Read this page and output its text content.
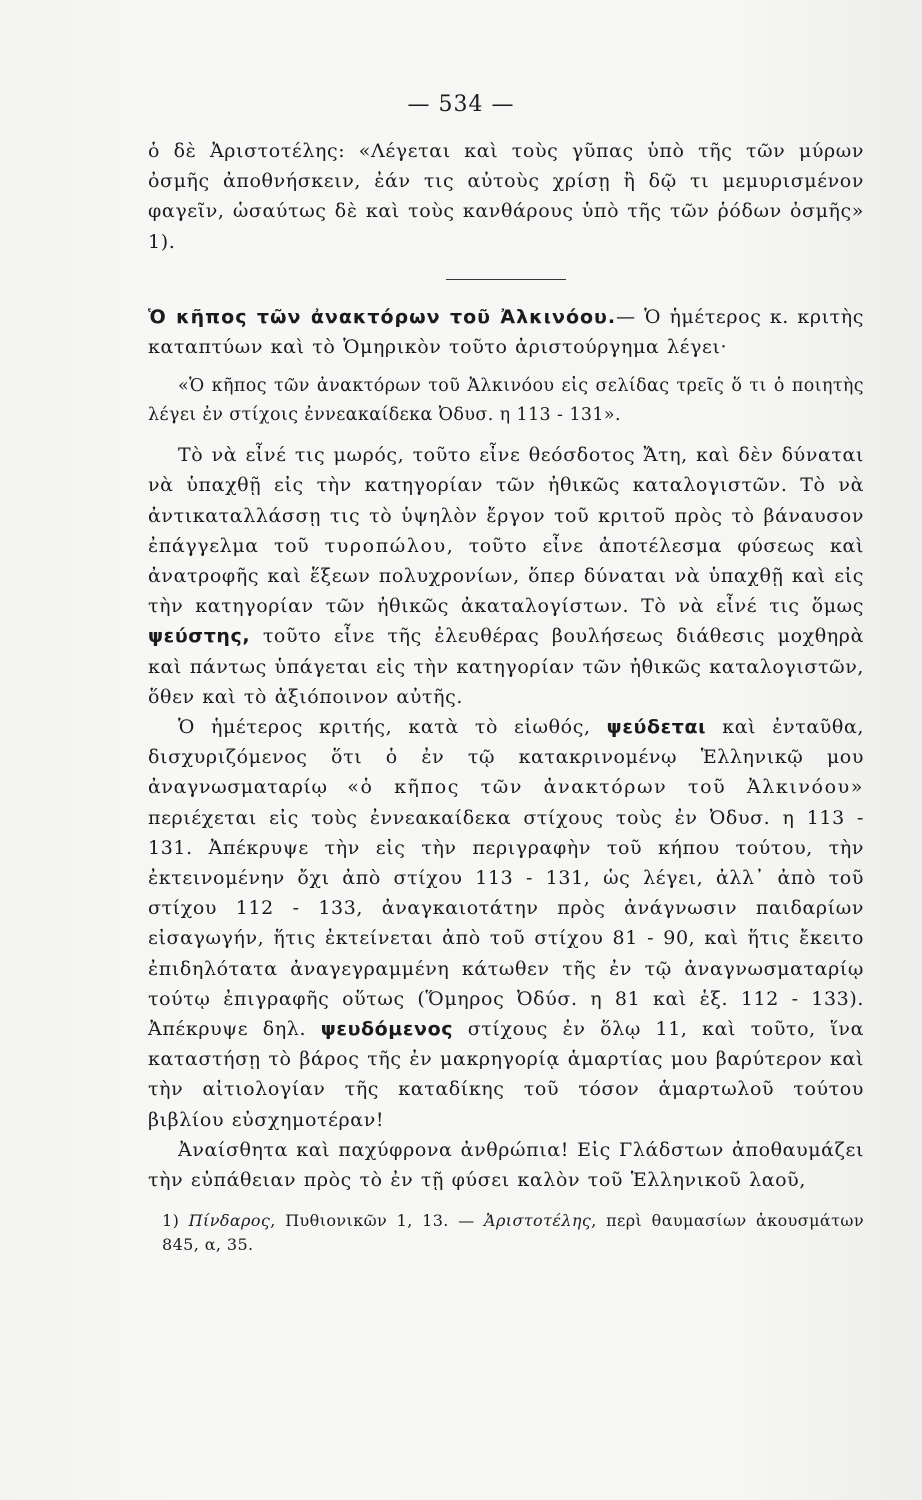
— 534 —

ὁ δὲ Ἀριστοτέλης: «Λέγεται καὶ τοὺς γῦπας ὑπὸ τῆς τῶν μύρων ὀσμῆς ἀποθνήσκειν, ἐάν τις αὐτοὺς χρίσῃ ἢ δῷ τι μεμυρισμένον φαγεῖν, ὡσαύτως δὲ καὶ τοὺς κανθάρους ὑπὸ τῆς τῶν ῥόδων ὀσμῆς» 1).

Ὁ κῆπος τῶν ἀνακτόρων τοῦ Ἀλκινόου.— Ὁ ἡμέτερος κ. κριτὴς καταπτύων καὶ τὸ Ὁμηρικὸν τοῦτο ἀριστούργημα λέγει·

«Ὁ κῆπος τῶν ἀνακτόρων τοῦ Ἀλκινόου εἰς σελίδας τρεῖς ὅ τι ὁ ποιητὴς λέγει ἐν στίχοις ἐννεακαίδεκα Ὀδυσ. η 113 - 131».

Τὸ νὰ εἶνέ τις μωρός, τοῦτο εἶνε θεόσδοτος Ἄτη, καὶ δὲν δύναται νὰ ὑπαχθῇ εἰς τὴν κατηγορίαν τῶν ἠθικῶς καταλογιστῶν. Τὸ νὰ ἀντικαταλλάσσῃ τις τὸ ὑψηλὸν ἔργον τοῦ κριτοῦ πρὸς τὸ βάναυσον ἐπάγγελμα τοῦ τυροπώλου, τοῦτο εἶνε ἀποτέλεσμα φύσεως καὶ ἀνατροφῆς καὶ ἕξεων πολυχρονίων, ὅπερ δύναται νὰ ὑπαχθῇ καὶ εἰς τὴν κατηγορίαν τῶν ἠθικῶς ἀκαταλογίστων. Τὸ νὰ εἶνέ τις ὅμως ψεύστης, τοῦτο εἶνε τῆς ἐλευθέρας βουλήσεως διάθεσις μοχθηρὰ καὶ πάντως ὑπάγεται εἰς τὴν κατηγορίαν τῶν ἠθικῶς καταλογιστῶν, ὅθεν καὶ τὸ ἀξιόποινον αὐτῆς.

Ὁ ἡμέτερος κριτής, κατὰ τὸ εἰωθός, ψεύδεται καὶ ἐνταῦθα, δισχυριζόμενος ὅτι ὁ ἐν τῷ κατακρινομένῳ Ἑλληνικῷ μου ἀναγνωσματαρίῳ «ὁ κῆπος τῶν ἀνακτόρων τοῦ Ἀλκινόου» περιέχεται εἰς τοὺς ἐννεακαίδεκα στίχους τοὺς ἐν Ὀδυσ. η 113 - 131. Ἀπέκρυψε τὴν εἰς τὴν περιγραφὴν τοῦ κήπου τούτου, τὴν ἐκτεινομένην ὄχι ἀπὸ στίχου 113 - 131, ὡς λέγει, ἀλλ᾽ ἀπὸ τοῦ στίχου 112 - 133, ἀναγκαιοτάτην πρὸς ἀνάγνωσιν παιδαρίων εἰσαγωγήν, ἥτις ἐκτείνεται ἀπὸ τοῦ στίχου 81 - 90, καὶ ἥτις ἔκειτο ἐπιδηλότατα ἀναγεγραμμένη κάτωθεν τῆς ἐν τῷ ἀναγνωσματαρίῳ τούτῳ ἐπιγραφῆς οὕτως (Ὅμηρος Ὀδύσ. η 81 καὶ ἑξ. 112 - 133). Ἀπέκρυψε δηλ. ψευδόμενος στίχους ἐν ὅλῳ 11, καὶ τοῦτο, ἵνα καταστήσῃ τὸ βάρος τῆς ἐν μακρηγορίᾳ ἁμαρτίας μου βαρύτερον καὶ τὴν αἰτιολογίαν τῆς καταδίκης τοῦ τόσον ἁμαρτωλοῦ τούτου βιβλίου εὐσχημοτέραν!

Ἀναίσθητα καὶ παχύφρονα ἀνθρώπια! Εἰς Γλάδστων ἀποθαυμάζει τὴν εὐπάθειαν πρὸς τὸ ἐν τῇ φύσει καλὸν τοῦ Ἑλληνικοῦ λαοῦ,

1) Πίνδαρος, Πυθιονικῶν 1, 13. — Ἀριστοτέλης, περὶ θαυμασίων ἀκουσμάτων 845, α, 35.
